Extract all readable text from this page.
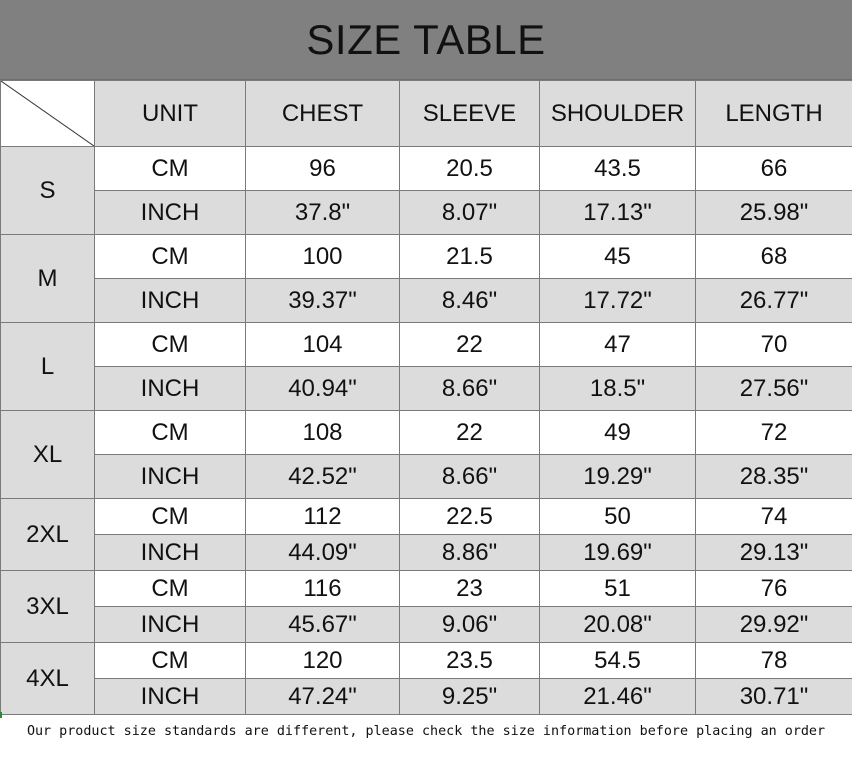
SIZE TABLE
	UNIT	CHEST	SLEEVE	SHOULDER	LENGTH
S	CM	96	20.5	43.5	66
	INCH	37.8"	8.07"	17.13"	25.98"
M	CM	100	21.5	45	68
	INCH	39.37"	8.46"	17.72"	26.77"
L	CM	104	22	47	70
	INCH	40.94"	8.66"	18.5"	27.56"
XL	CM	108	22	49	72
	INCH	42.52"	8.66"	19.29"	28.35"
2XL	CM	112	22.5	50	74
	INCH	44.09"	8.86"	19.69"	29.13"
3XL	CM	116	23	51	76
	INCH	45.67"	9.06"	20.08"	29.92"
4XL	CM	120	23.5	54.5	78
	INCH	47.24"	9.25"	21.46"	30.71"
Our product size standards are different, please check the size information before placing an order
